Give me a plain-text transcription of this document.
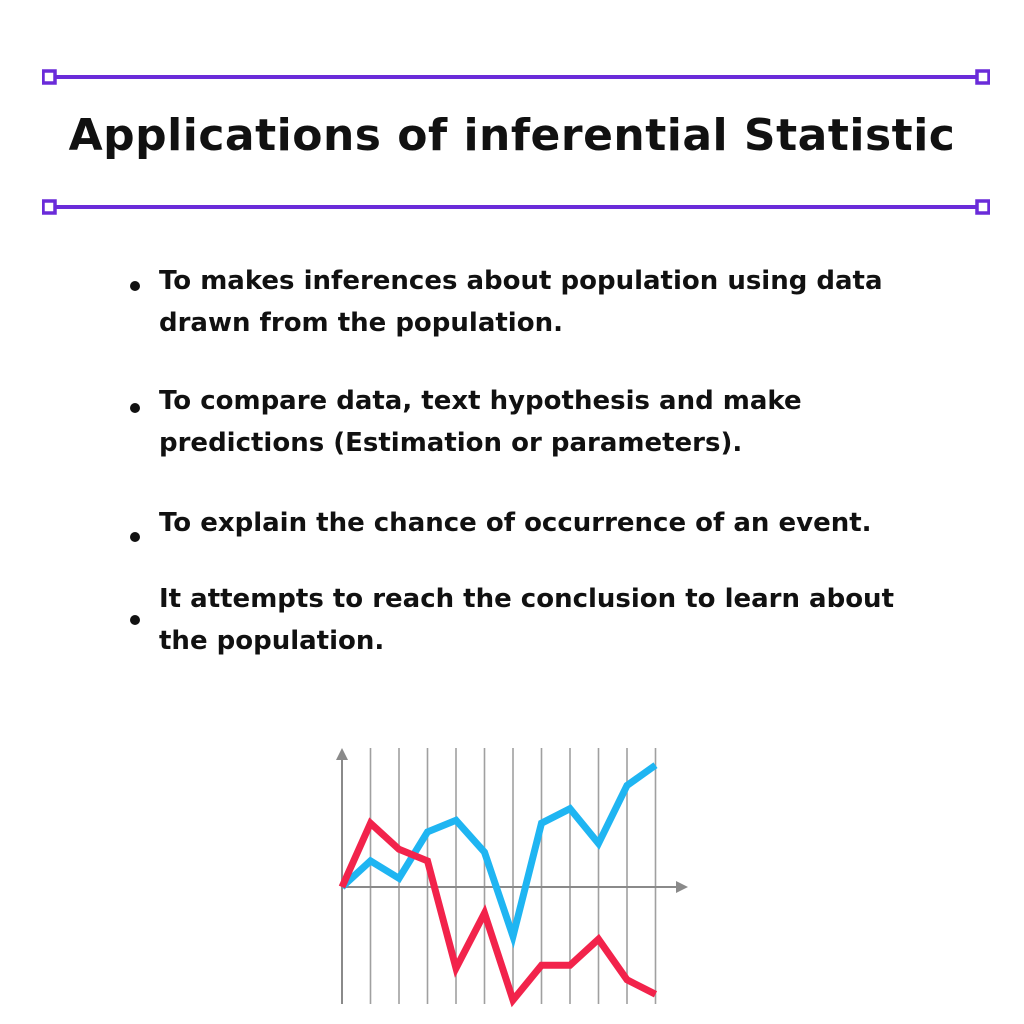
Applications of inferential Statistic
To makes inferences about population using data drawn from the population.
To compare data, text hypothesis and make predictions (Estimation or parameters).
To explain the chance of occurrence of an event.
It attempts to reach the conclusion to learn about the population.
